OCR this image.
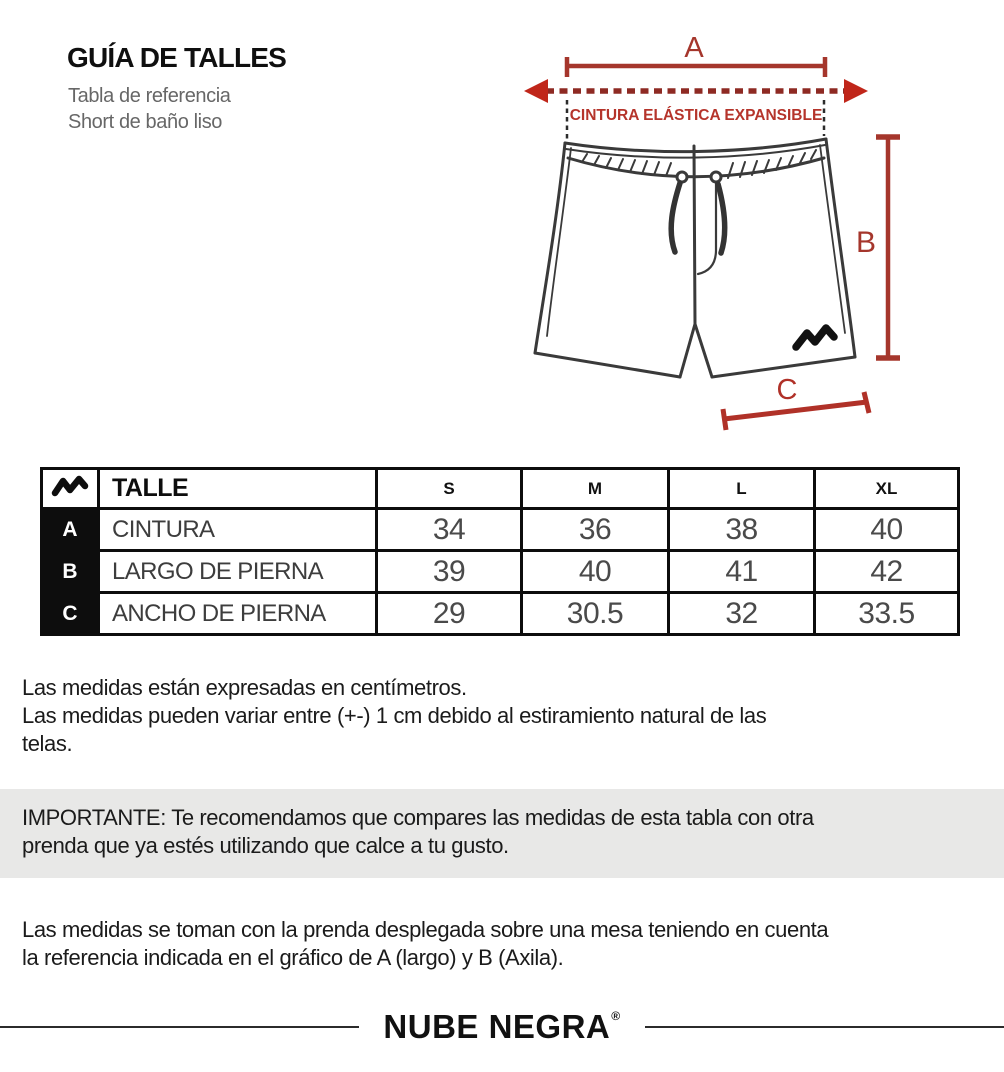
GUÍA DE TALLES
Tabla de referencia
Short de baño liso
A
CINTURA ELÁSTICA EXPANSIBLE
B
C
	TALLE	S	M	L	XL
A	CINTURA	34	36	38	40
B	LARGO DE PIERNA	39	40	41	42
C	ANCHO DE PIERNA	29	30.5	32	33.5
Las medidas están expresadas en centímetros.
Las medidas pueden variar entre (+-) 1 cm debido al estiramiento natural de las
telas.
IMPORTANTE: Te recomendamos que compares las medidas de esta tabla con otra
prenda que ya estés utilizando que calce a tu gusto.
Las medidas se toman con la prenda desplegada sobre una mesa teniendo en cuenta
la referencia indicada en el gráfico de A (largo) y B (Axila).
NUBE NEGRA®
